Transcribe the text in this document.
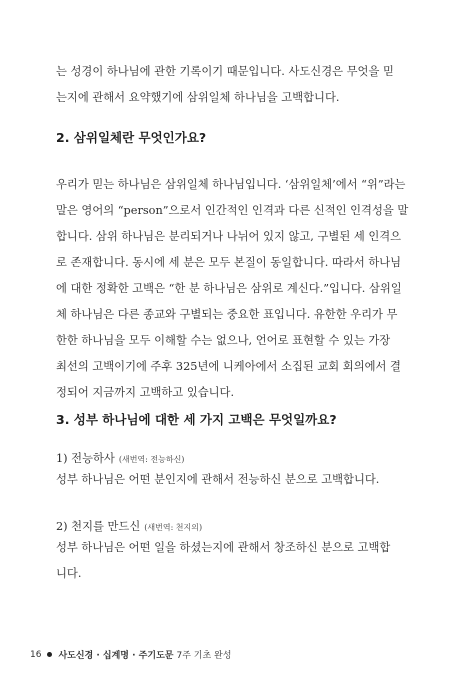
는 성경이 하나님에 관한 기록이기 때문입니다. 사도신경은 무엇을 믿
는지에 관해서 요약했기에 삼위일체 하나님을 고백합니다.

2. 삼위일체란 무엇인가요?

우리가 믿는 하나님은 삼위일체 하나님입니다. ‘삼위일체’에서 “위”라는
말은 영어의 “person”으로서 인간적인 인격과 다른 신적인 인격성을 말
합니다. 삼위 하나님은 분리되거나 나뉘어 있지 않고, 구별된 세 인격으
로 존재합니다. 동시에 세 분은 모두 본질이 동일합니다. 따라서 하나님
에 대한 정확한 고백은 “한 분 하나님은 삼위로 계신다.”입니다. 삼위일
체 하나님은 다른 종교와 구별되는 중요한 표입니다. 유한한 우리가 무
한한 하나님을 모두 이해할 수는 없으나, 언어로 표현할 수 있는 가장
최선의 고백이기에 주후 325년에 니케아에서 소집된 교회 회의에서 결
정되어 지금까지 고백하고 있습니다.

3. 성부 하나님에 대한 세 가지 고백은 무엇일까요?

1) 전능하사 (새번역: 전능하신)

성부 하나님은 어떤 분인지에 관해서 전능하신 분으로 고백합니다.

2) 천지를 만드신 (새번역: 천지의)

성부 하나님은 어떤 일을 하셨는지에 관해서 창조하신 분으로 고백합
니다.

16 사도신경 · 십계명 · 주기도문 7주 기초 완성
